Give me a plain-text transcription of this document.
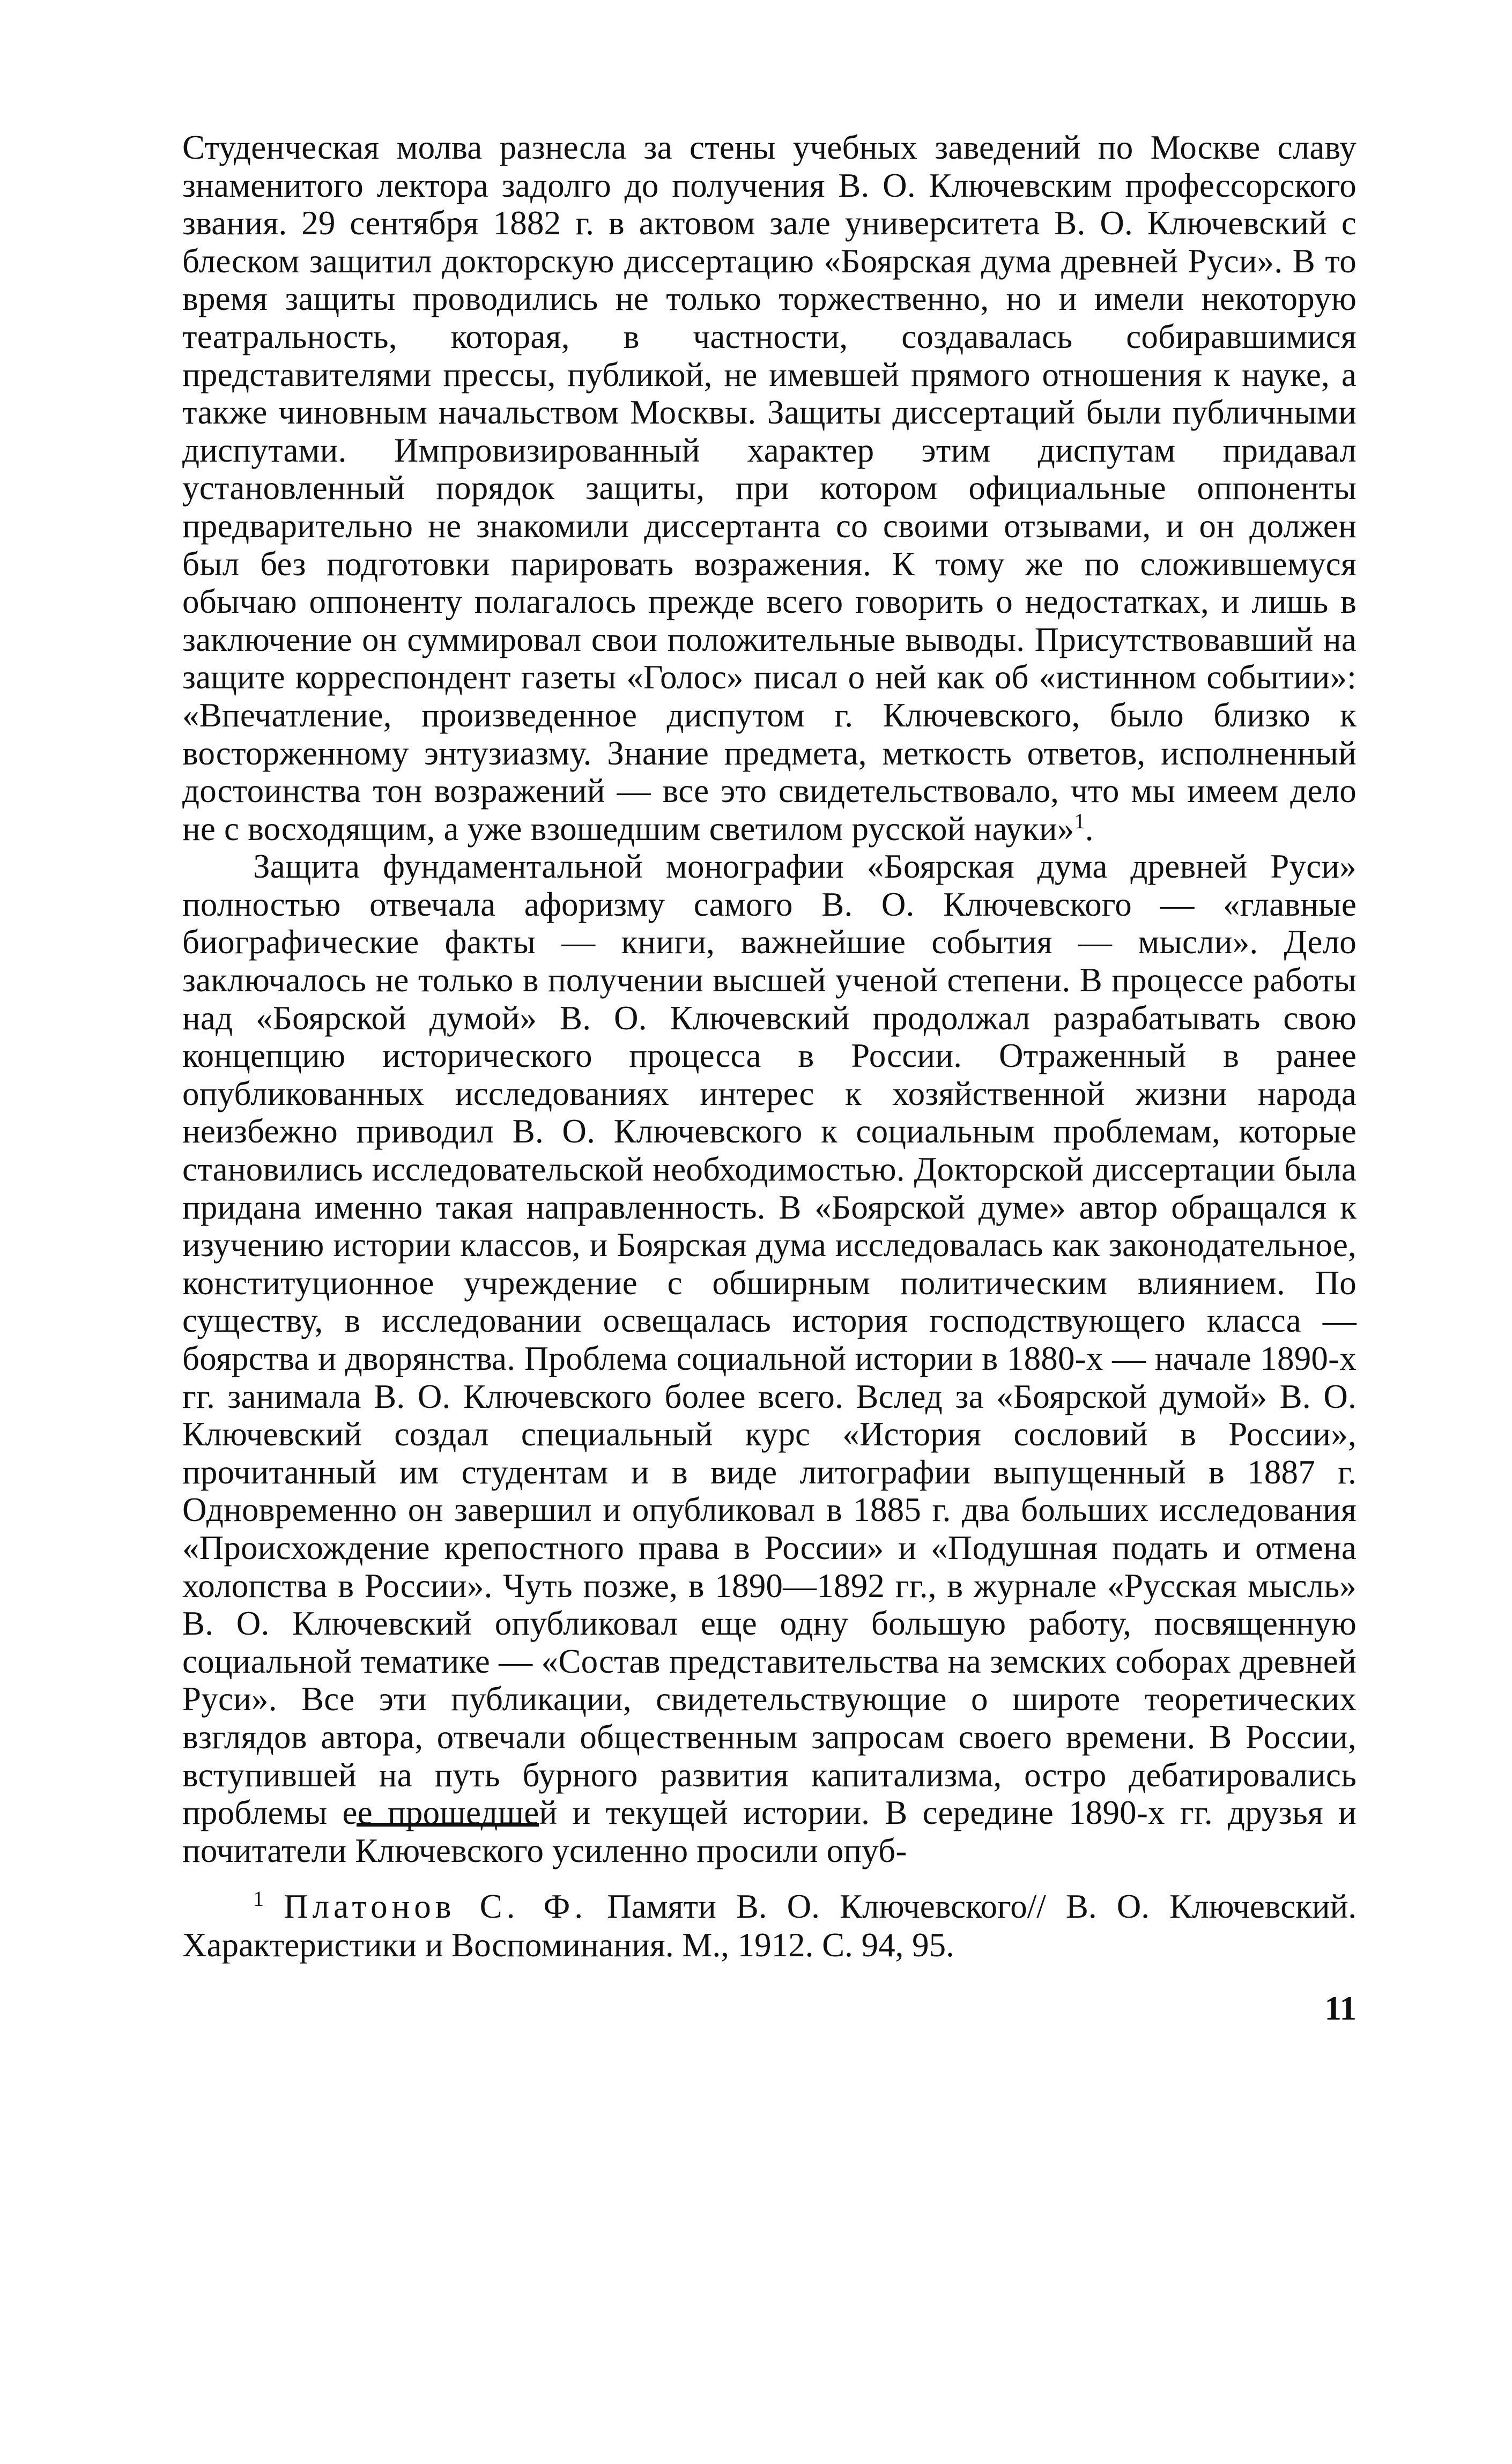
Студенческая молва разнесла за стены учебных заведений по Москве славу знаменитого лектора задолго до получения В. О. Ключевским профессорского звания. 29 сентября 1882 г. в актовом зале университета В. О. Ключевский с блеском защитил докторскую диссертацию «Боярская дума древней Руси». В то время защиты проводились не только торжественно, но и имели некоторую театральность, которая, в частности, создавалась собиравшимися представителями прессы, публикой, не имевшей прямого отношения к науке, а также чиновным начальством Москвы. Защиты диссертаций были публичными диспутами. Импровизированный характер этим диспутам придавал установленный порядок защиты, при котором официальные оппоненты предварительно не знакомили диссертанта со своими отзывами, и он должен был без подготовки парировать возражения. К тому же по сложившемуся обычаю оппоненту полагалось прежде всего говорить о недостатках, и лишь в заключение он суммировал свои положительные выводы. Присутствовавший на защите корреспондент газеты «Голос» писал о ней как об «истинном событии»: «Впечатление, произведенное диспутом г. Ключевского, было близко к восторженному энтузиазму. Знание предмета, меткость ответов, исполненный достоинства тон возражений — все это свидетельствовало, что мы имеем дело не с восходящим, а уже взошедшим светилом русской науки»$^1$.

Защита фундаментальной монографии «Боярская дума древней Руси» полностью отвечала афоризму самого В. О. Ключевского — «главные биографические факты — книги, важнейшие события — мысли». Дело заключалось не только в получении высшей ученой степени. В процессе работы над «Боярской думой» В. О. Ключевский продолжал разрабатывать свою концепцию исторического процесса в России. Отраженный в ранее опубликованных исследованиях интерес к хозяйственной жизни народа неизбежно приводил В. О. Ключевского к социальным проблемам, которые становились исследовательской необходимостью. Докторской диссертации была придана именно такая направленность. В «Боярской думе» автор обращался к изучению истории классов, и Боярская дума исследовалась как законодательное, конституционное учреждение с обширным политическим влиянием. По существу, в исследовании освещалась история господствующего класса — боярства и дворянства. Проблема социальной истории в 1880-х — начале 1890-х гг. занимала В. О. Ключевского более всего. Вслед за «Боярской думой» В. О. Ключевский создал специальный курс «История сословий в России», прочитанный им студентам и в виде литографии выпущенный в 1887 г. Одновременно он завершил и опубликовал в 1885 г. два больших исследования «Происхождение крепостного права в России» и «Подушная подать и отмена холопства в России». Чуть позже, в 1890—1892 гг., в журнале «Русская мысль» В. О. Ключевский опубликовал еще одну большую работу, посвященную социальной тематике — «Состав представительства на земских соборах древней Руси». Все эти публикации, свидетельствующие о широте теоретических взглядов автора, отвечали общественным запросам своего времени. В России, вступившей на путь бурного развития капитализма, остро дебатировались проблемы ее прошедшей и текущей истории. В середине 1890-х гг. друзья и почитатели Ключевского усиленно просили опуб-

$^1$ Платонов С. Ф. Памяти В. О. Ключевского// В. О. Ключевский. Характеристики и Воспоминания. М., 1912. С. 94, 95.

11
